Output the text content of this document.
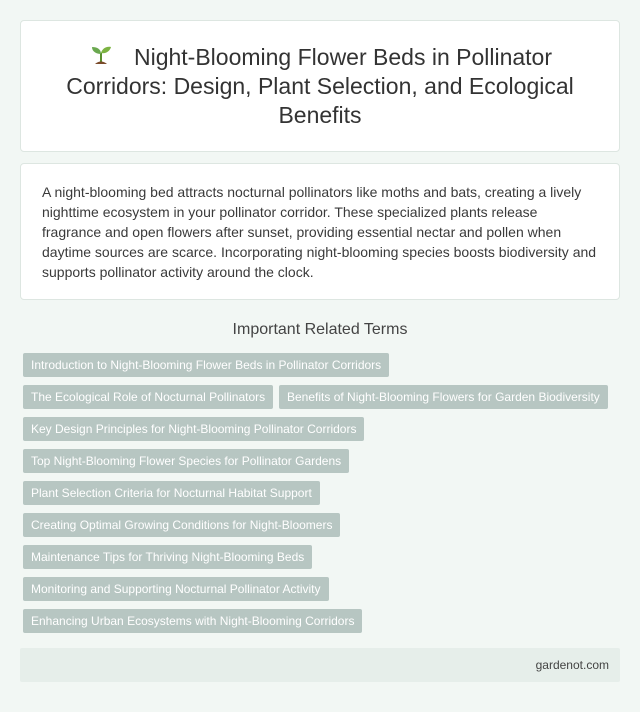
Night-Blooming Flower Beds in Pollinator Corridors: Design, Plant Selection, and Ecological Benefits

A night-blooming bed attracts nocturnal pollinators like moths and bats, creating a lively nighttime ecosystem in your pollinator corridor. These specialized plants release fragrance and open flowers after sunset, providing essential nectar and pollen when daytime sources are scarce. Incorporating night-blooming species boosts biodiversity and supports pollinator activity around the clock.

Important Related Terms
Introduction to Night-Blooming Flower Beds in Pollinator Corridors
The Ecological Role of Nocturnal Pollinators	Benefits of Night-Blooming Flowers for Garden Biodiversity
Key Design Principles for Night-Blooming Pollinator Corridors
Top Night-Blooming Flower Species for Pollinator Gardens
Plant Selection Criteria for Nocturnal Habitat Support
Creating Optimal Growing Conditions for Night-Bloomers
Maintenance Tips for Thriving Night-Blooming Beds
Monitoring and Supporting Nocturnal Pollinator Activity
Enhancing Urban Ecosystems with Night-Blooming Corridors
gardenot.com
